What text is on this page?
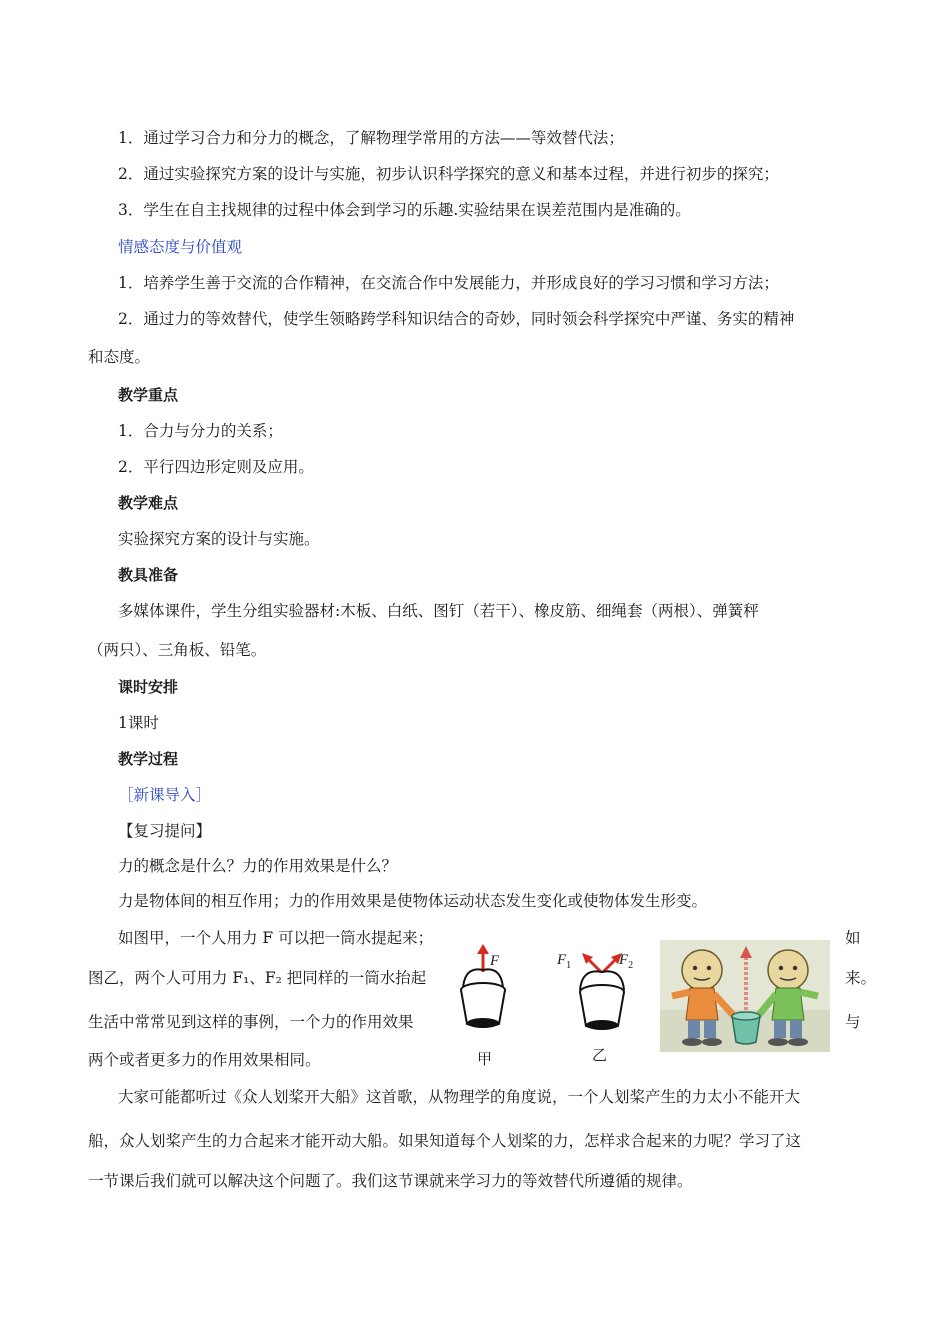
1．通过学习合力和分力的概念，了解物理学常用的方法——等效替代法；
2．通过实验探究方案的设计与实施，初步认识科学探究的意义和基本过程，并进行初步的探究；
3．学生在自主找规律的过程中体会到学习的乐趣.实验结果在误差范围内是准确的。
情感态度与价值观
1．培养学生善于交流的合作精神，在交流合作中发展能力，并形成良好的学习习惯和学习方法；
2．通过力的等效替代，使学生领略跨学科知识结合的奇妙，同时领会科学探究中严谨、务实的精神
和态度。
教学重点
1．合力与分力的关系；
2．平行四边形定则及应用。
教学难点
实验探究方案的设计与实施。
教具准备
多媒体课件，学生分组实验器材:木板、白纸、图钉（若干）、橡皮筋、细绳套（两根）、弹簧秤
（两只）、三角板、铅笔。
课时安排
1课时
教学过程
［新课导入］
【复习提问】
力的概念是什么？力的作用效果是什么？
力是物体间的相互作用；力的作用效果是使物体运动状态发生变化或使物体发生形变。
如图甲，一个人用力 F 可以把一筒水提起来；	如
图乙，两个人可用力 F₁、F₂ 把同样的一筒水抬起	来。
生活中常常见到这样的事例，一个力的作用效果	与
两个或者更多力的作用效果相同。
F
甲
$F_1$	$F_2$
乙
大家可能都听过《众人划桨开大船》这首歌，从物理学的角度说，一个人划桨产生的力太小不能开大
船，众人划桨产生的力合起来才能开动大船。如果知道每个人划桨的力，怎样求合起来的力呢？学习了这
一节课后我们就可以解决这个问题了。我们这节课就来学习力的等效替代所遵循的规律。
